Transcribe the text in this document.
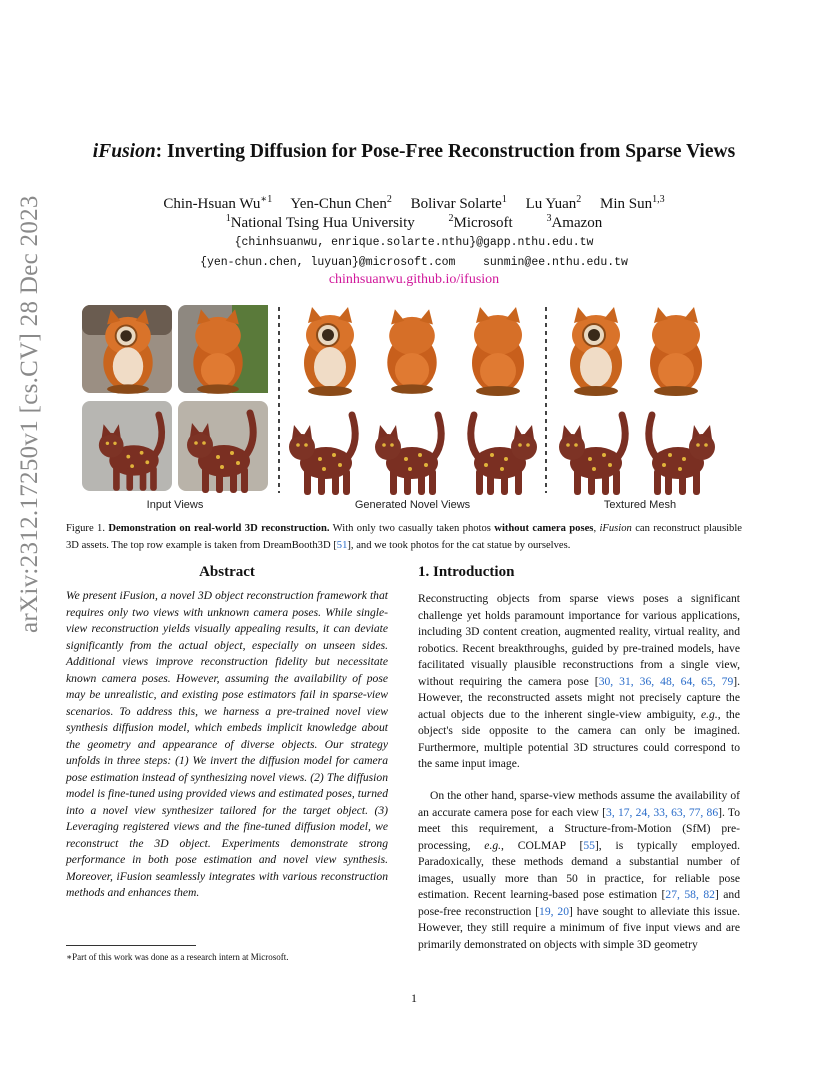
arXiv:2312.17250v1 [cs.CV] 28 Dec 2023
iFusion: Inverting Diffusion for Pose-Free Reconstruction from Sparse Views
Chin-Hsuan $Wu^{∗1}$ Yen-Chun Chen$^2$ Bolivar Solarte$^1$ Lu Yuan$^2$ Min Sun$^{1,3}$
$^1$National Tsing Hua University	$^2$Microsoft	$^3$Amazon
{chinhsuanwu, enrique.solarte.nthu}@gapp.nthu.edu.tw
{yen-chun.chen, luyuan}@microsoft.com    sunmin@ee.nthu.edu.tw
chinhsuanwu.github.io/ifusion
Input Views	Generated Novel Views	Textured Mesh
Figure 1. Demonstration on real-world 3D reconstruction. With only two casually taken photos without camera poses, iFusion can reconstruct plausible 3D assets. The top row example is taken from DreamBooth3D [51], and we took photos for the cat statue by ourselves.
Abstract
We present iFusion, a novel 3D object reconstruction framework that requires only two views with unknown camera poses. While single-view reconstruction yields visually appealing results, it can deviate significantly from the actual object, especially on unseen sides. Additional views improve reconstruction fidelity but necessitate known camera poses. However, assuming the availability of pose may be unrealistic, and existing pose estimators fail in sparse-view scenarios. To address this, we harness a pre-trained novel view synthesis diffusion model, which embeds implicit knowledge about the geometry and appearance of diverse objects. Our strategy unfolds in three steps: (1) We invert the diffusion model for camera pose estimation instead of synthesizing novel views. (2) The diffusion model is fine-tuned using provided views and estimated poses, turned into a novel view synthesizer tailored for the target object. (3) Leveraging registered views and the fine-tuned diffusion model, we reconstruct the 3D object. Experiments demonstrate strong performance in both pose estimation and novel view synthesis. Moreover, iFusion seamlessly integrates with various reconstruction methods and enhances them.
∗Part of this work was done as a research intern at Microsoft.
1. Introduction
Reconstructing objects from sparse views poses a significant challenge yet holds paramount importance for various applications, including 3D content creation, augmented reality, virtual reality, and robotics. Recent breakthroughs, guided by pre-trained models, have facilitated visually plausible reconstructions from a single view, without requiring the camera pose [30, 31, 36, 48, 64, 65, 79]. However, the reconstructed assets might not precisely capture the actual objects due to the inherent single-view ambiguity, e.g., the object's side opposite to the camera can only be imagined. Furthermore, multiple potential 3D structures could correspond to the same input image.
On the other hand, sparse-view methods assume the availability of an accurate camera pose for each view [3, 17, 24, 33, 63, 77, 86]. To meet this requirement, a Structure-from-Motion (SfM) pre-processing, e.g., COLMAP [55], is typically employed. Paradoxically, these methods demand a substantial number of images, usually more than 50 in practice, for reliable pose estimation. Recent learning-based pose estimation [27, 58, 82] and pose-free reconstruction [19, 20] have sought to alleviate this issue. However, they still require a minimum of five input views and are primarily demonstrated on objects with simple 3D geometry
1
